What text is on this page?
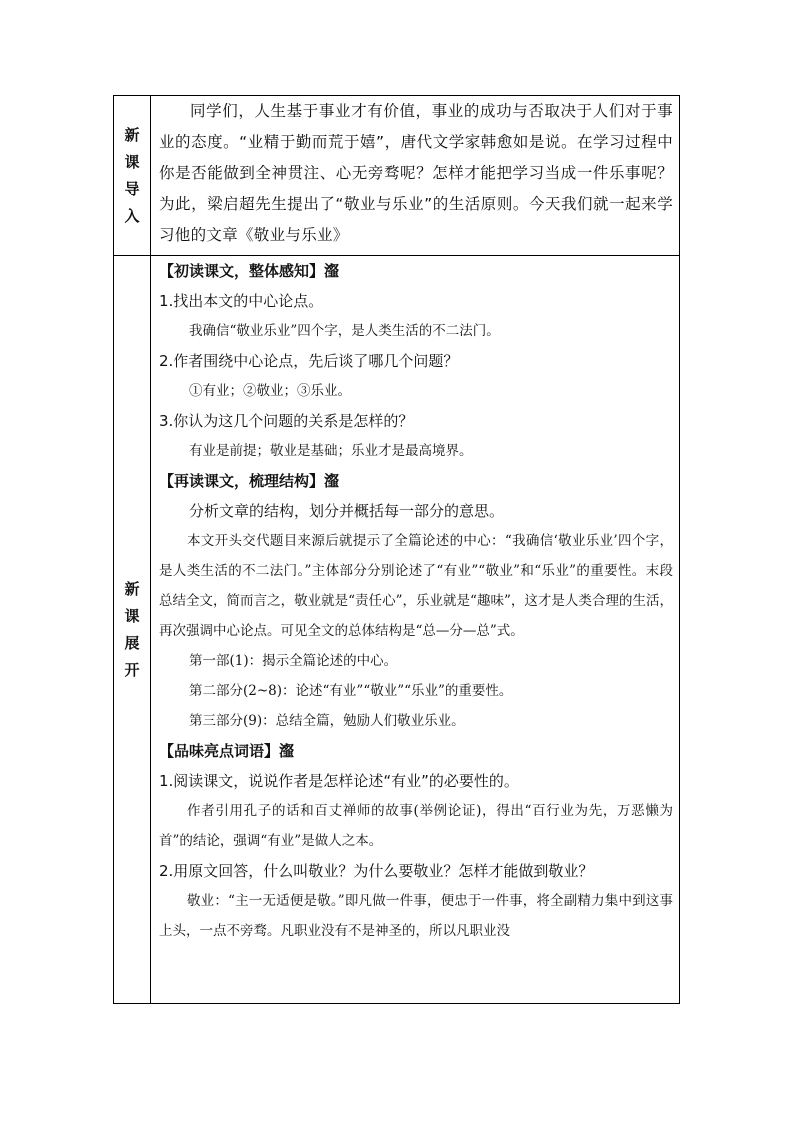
新
课
导
入

同学们，人生基于事业才有价值，事业的成功与否取决于人们对于事业的态度。“业精于勤而荒于嬉”，唐代文学家韩愈如是说。在学习过程中你是否能做到全神贯注、心无旁骛呢？怎样才能把学习当成一件乐事呢？为此，梁启超先生提出了“敬业与乐业”的生活原则。今天我们就一起来学习他的文章《敬业与乐业》

新
课
展
开
【初读课文，整体感知】瀣
1.找出本文的中心论点。
我确信“敬业乐业”四个字，是人类生活的不二法门。
2.作者围绕中心论点，先后谈了哪几个问题？
①有业；②敬业；③乐业。
3.你认为这几个问题的关系是怎样的？
有业是前提；敬业是基础；乐业才是最高境界。
【再读课文，梳理结构】瀣
分析文章的结构，划分并概括每一部分的意思。

本文开头交代题目来源后就提示了全篇论述的中心：“我确信‘敬业乐业’四个字，是人类生活的不二法门。”主体部分分别论述了“有业”“敬业”和“乐业”的重要性。末段总结全文，简而言之，敬业就是“责任心”，乐业就是“趣味”，这才是人类合理的生活，再次强调中心论点。可见全文的总体结构是“总—分—总”式。

第一部(1)：揭示全篇论述的中心。
第二部分(2~8)：论述“有业”“敬业”“乐业”的重要性。
第三部分(9)：总结全篇，勉励人们敬业乐业。
【品味亮点词语】瀣
1.阅读课文，说说作者是怎样论述“有业”的必要性的。

作者引用孔子的话和百丈禅师的故事(举例论证)，得出“百行业为先，万恶懒为首”的结论，强调“有业”是做人之本。

2.用原文回答，什么叫敬业？为什么要敬业？怎样才能做到敬业？

敬业：“主一无适便是敬。”即凡做一件事，便忠于一件事，将全副精力集中到这事上头，一点不旁骛。凡职业没有不是神圣的，所以凡职业没
